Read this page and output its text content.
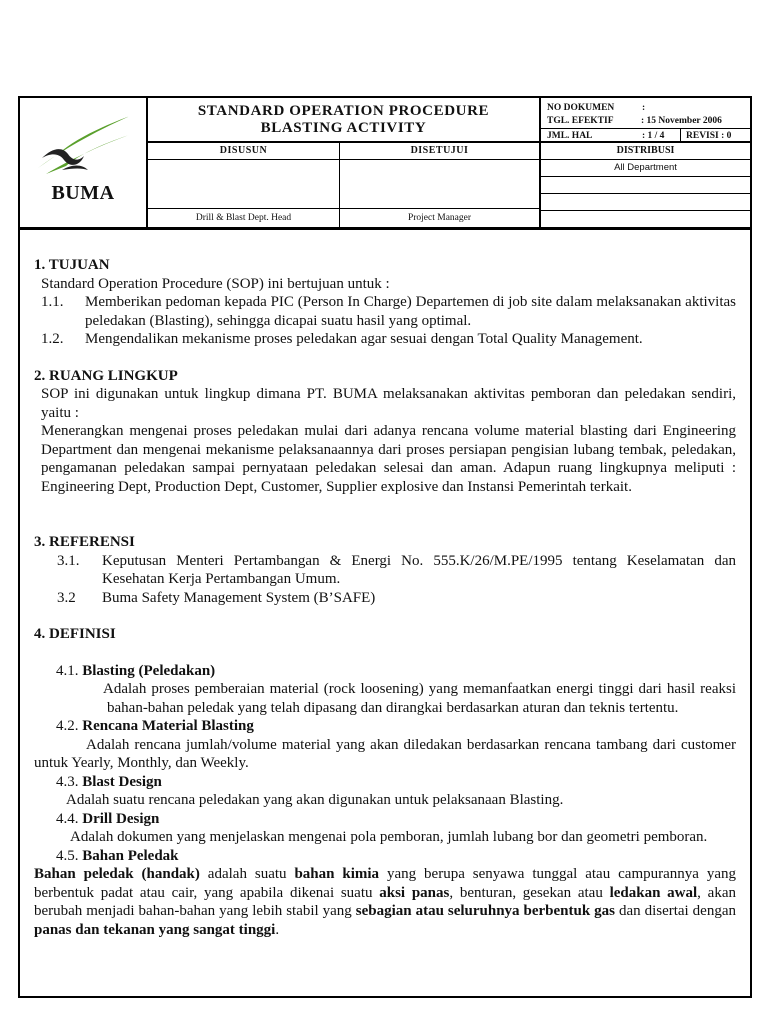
BUMA
STANDARD OPERATION PROCEDURE
BLASTING ACTIVITY
NO DOKUMEN	:
TGL. EFEKTIF	: 15 November 2006
JML. HAL	: 1 / 4	REVISI : 0
DISUSUN
Drill & Blast Dept. Head
DISETUJUI
Project Manager
DISTRIBUSI
All Department

1. TUJUAN

Standard Operation Procedure (SOP) ini bertujuan untuk :

1.1.	Memberikan pedoman kepada PIC (Person In Charge) Departemen di job site dalam melaksanakan aktivitas peledakan (Blasting), sehingga dicapai suatu hasil yang optimal.
1.2.	Mengendalikan mekanisme proses peledakan agar sesuai dengan Total Quality Management.

2. RUANG LINGKUP

SOP ini digunakan untuk lingkup dimana PT. BUMA melaksanakan aktivitas pemboran dan peledakan sendiri, yaitu :

Menerangkan mengenai proses peledakan mulai dari adanya rencana volume material blasting dari Engineering Department dan mengenai mekanisme pelaksanaannya dari proses persiapan pengisian lubang tembak, peledakan, pengamanan peledakan sampai pernyataan peledakan selesai dan aman. Adapun ruang lingkupnya meliputi : Engineering Dept, Production Dept, Customer, Supplier explosive dan Instansi Pemerintah terkait.

3. REFERENSI

3.1.	Keputusan Menteri Pertambangan & Energi No. 555.K/26/M.PE/1995 tentang Keselamatan dan Kesehatan Kerja Pertambangan Umum.
3.2	Buma Safety Management System (B’SAFE)

4. DEFINISI

4.1. Blasting (Peledakan)

Adalah proses pemberaian material (rock loosening) yang memanfaatkan energi tinggi dari hasil reaksi bahan-bahan peledak yang telah dipasang dan dirangkai berdasarkan aturan dan teknis tertentu.

4.2. Rencana Material Blasting

Adalah rencana jumlah/volume material yang akan diledakan berdasarkan rencana tambang dari customer untuk Yearly, Monthly, dan Weekly.

4.3. Blast Design

Adalah suatu rencana peledakan yang akan digunakan untuk pelaksanaan Blasting.

4.4. Drill Design

Adalah dokumen yang menjelaskan mengenai pola pemboran, jumlah lubang bor dan geometri pemboran.

4.5. Bahan Peledak

Bahan peledak (handak) adalah suatu bahan kimia yang berupa senyawa tunggal atau campurannya yang berbentuk padat atau cair, yang apabila dikenai suatu aksi panas, benturan, gesekan atau ledakan awal, akan berubah menjadi bahan-bahan yang lebih stabil yang sebagian atau seluruhnya berbentuk gas dan disertai dengan panas dan tekanan yang sangat tinggi.
